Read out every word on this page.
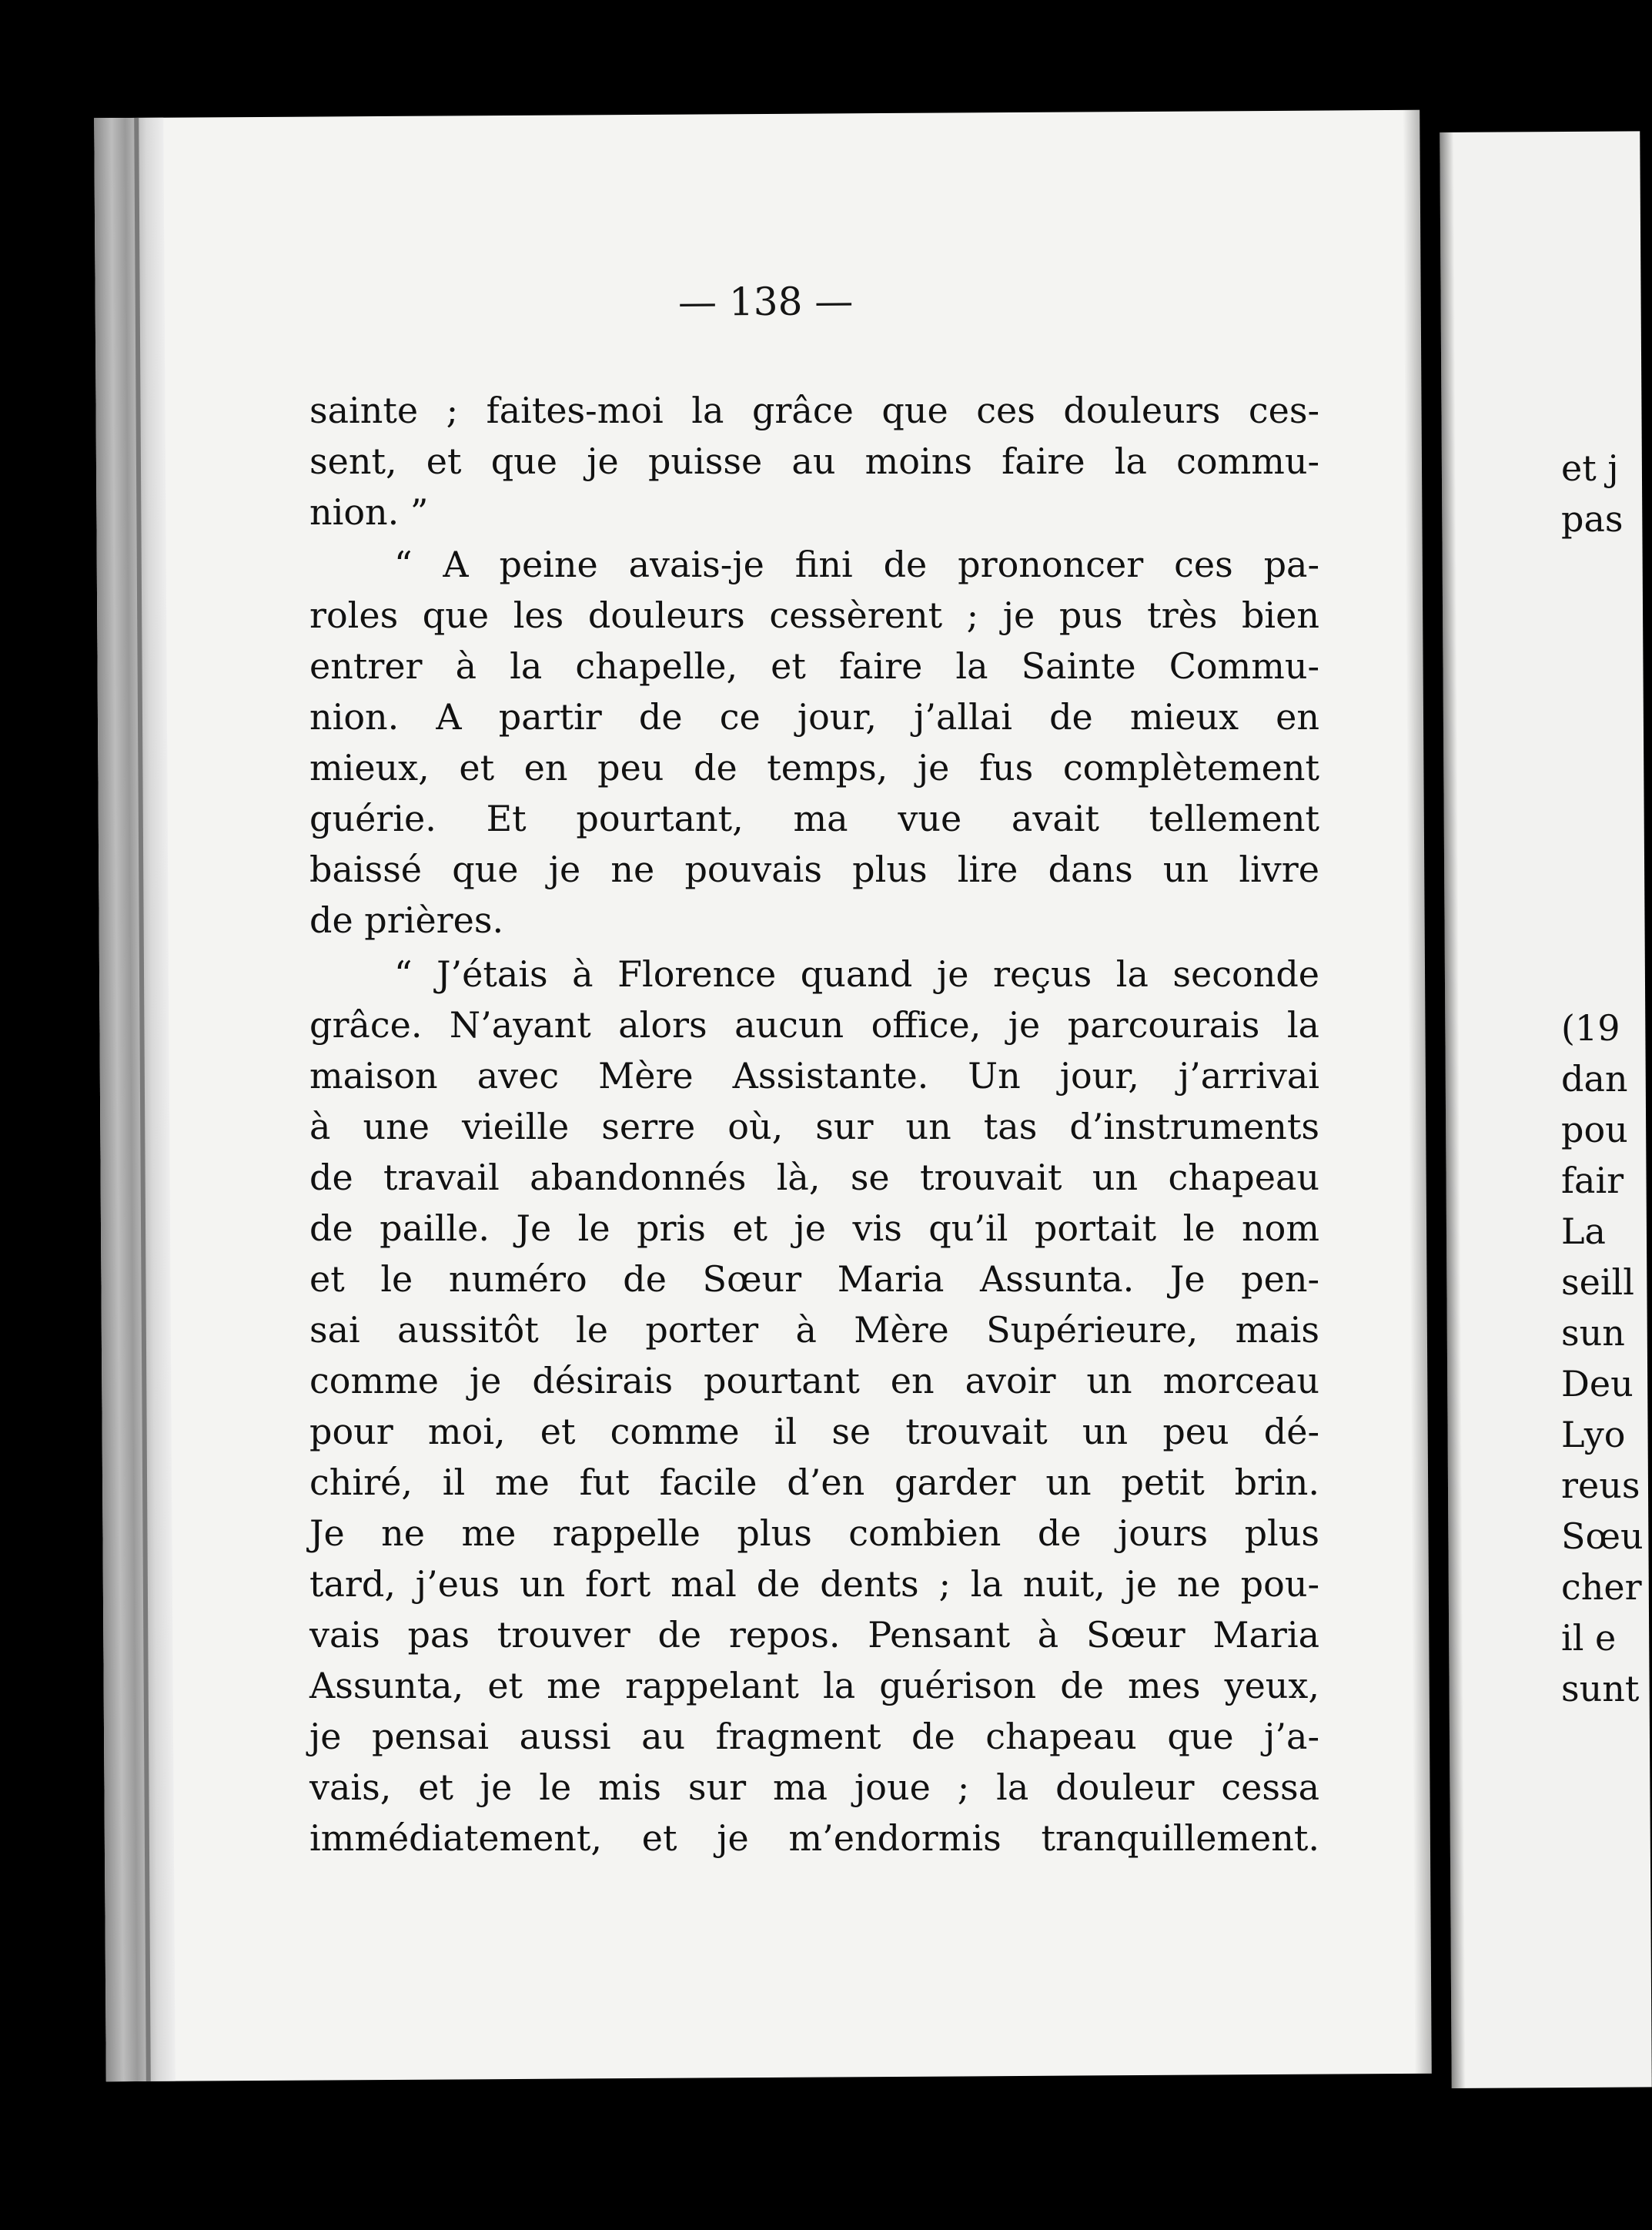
— 138 —
sainte ; faites-moi la grâce que ces douleurs ces-
sent, et que je puisse au moins faire la commu-
nion. ”
“ A peine avais-je fini de prononcer ces pa-
roles que les douleurs cessèrent ; je pus très bien
entrer à la chapelle, et faire la Sainte Commu-
nion. A partir de ce jour, j’allai de mieux en
mieux, et en peu de temps, je fus complètement
guérie. Et pourtant, ma vue avait tellement
baissé que je ne pouvais plus lire dans un livre
de prières.
“ J’étais à Florence quand je reçus la seconde
grâce. N’ayant alors aucun office, je parcourais la
maison avec Mère Assistante. Un jour, j’arrivai
à une vieille serre où, sur un tas d’instruments
de travail abandonnés là, se trouvait un chapeau
de paille. Je le pris et je vis qu’il portait le nom
et le numéro de Sœur Maria Assunta. Je pen-
sai aussitôt le porter à Mère Supérieure, mais
comme je désirais pourtant en avoir un morceau
pour moi, et comme il se trouvait un peu dé-
chiré, il me fut facile d’en garder un petit brin.
Je ne me rappelle plus combien de jours plus
tard, j’eus un fort mal de dents ; la nuit, je ne pou-
vais pas trouver de repos. Pensant à Sœur Maria
Assunta, et me rappelant la guérison de mes yeux,
je pensai aussi au fragment de chapeau que j’a-
vais, et je le mis sur ma joue ; la douleur cessa
immédiatement, et je m’endormis tranquillement.
et j
pas
(19
dan
pou
fair
La
seill
sun
Deu
Lyo
reus
Sœu
cher
il e
sunt
